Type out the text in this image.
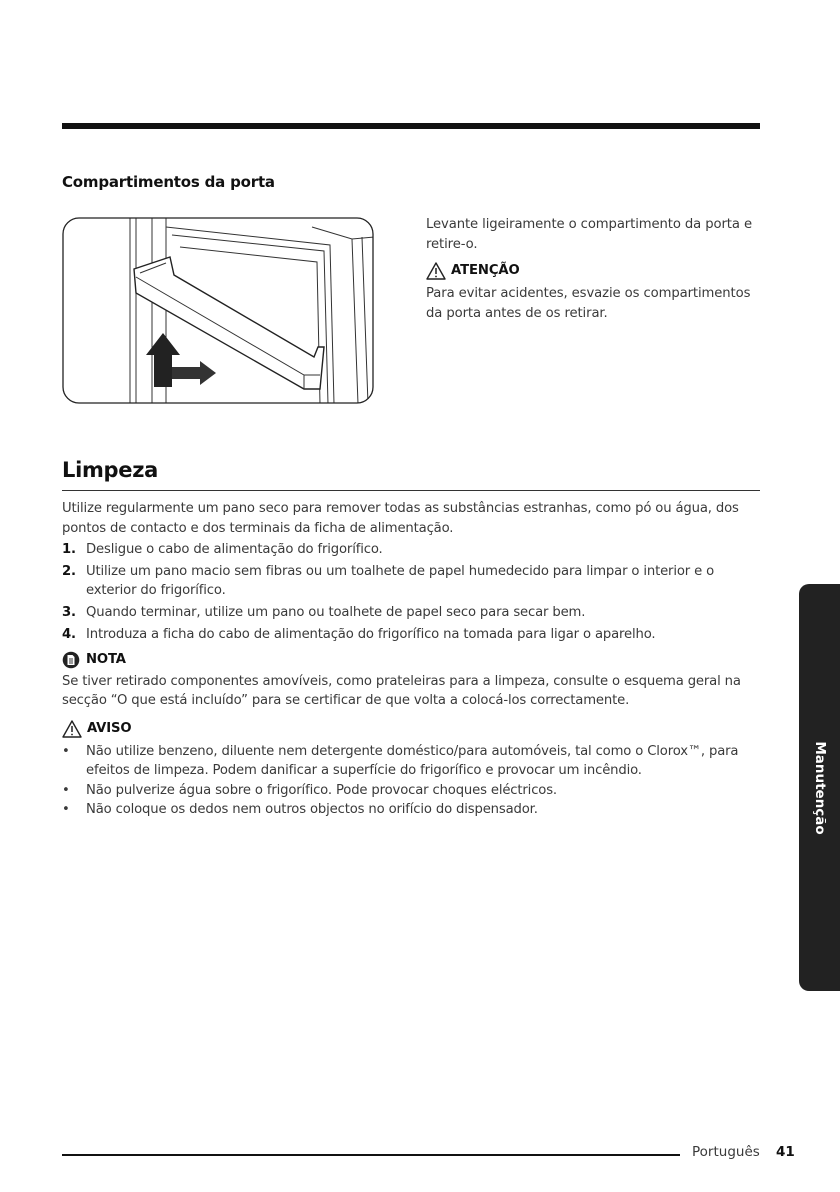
Compartimentos da porta

Levante ligeiramente o compartimento da porta e retire-o.

ATENÇÃO

Para evitar acidentes, esvazie os compartimentos da porta antes de os retirar.

Limpeza

Utilize regularmente um pano seco para remover todas as substâncias estranhas, como pó ou água, dos pontos de contacto e dos terminais da ficha de alimentação.

1. Desligue o cabo de alimentação do frigorífico.
2. Utilize um pano macio sem fibras ou um toalhete de papel humedecido para limpar o interior e o exterior do frigorífico.
3. Quando terminar, utilize um pano ou toalhete de papel seco para secar bem.
4. Introduza a ficha do cabo de alimentação do frigorífico na tomada para ligar o aparelho.
NOTA

Se tiver retirado componentes amovíveis, como prateleiras para a limpeza, consulte o esquema geral na secção “O que está incluído” para se certificar de que volta a colocá-los correctamente.

AVISO
• Não utilize benzeno, diluente nem detergente doméstico/para automóveis, tal como o Clorox™, para efeitos de limpeza. Podem danificar a superfície do frigorífico e provocar um incêndio.
• Não pulverize água sobre o frigorífico. Pode provocar choques eléctricos.
• Não coloque os dedos nem outros objectos no orifício do dispensador.	Manutenção
Português 41
